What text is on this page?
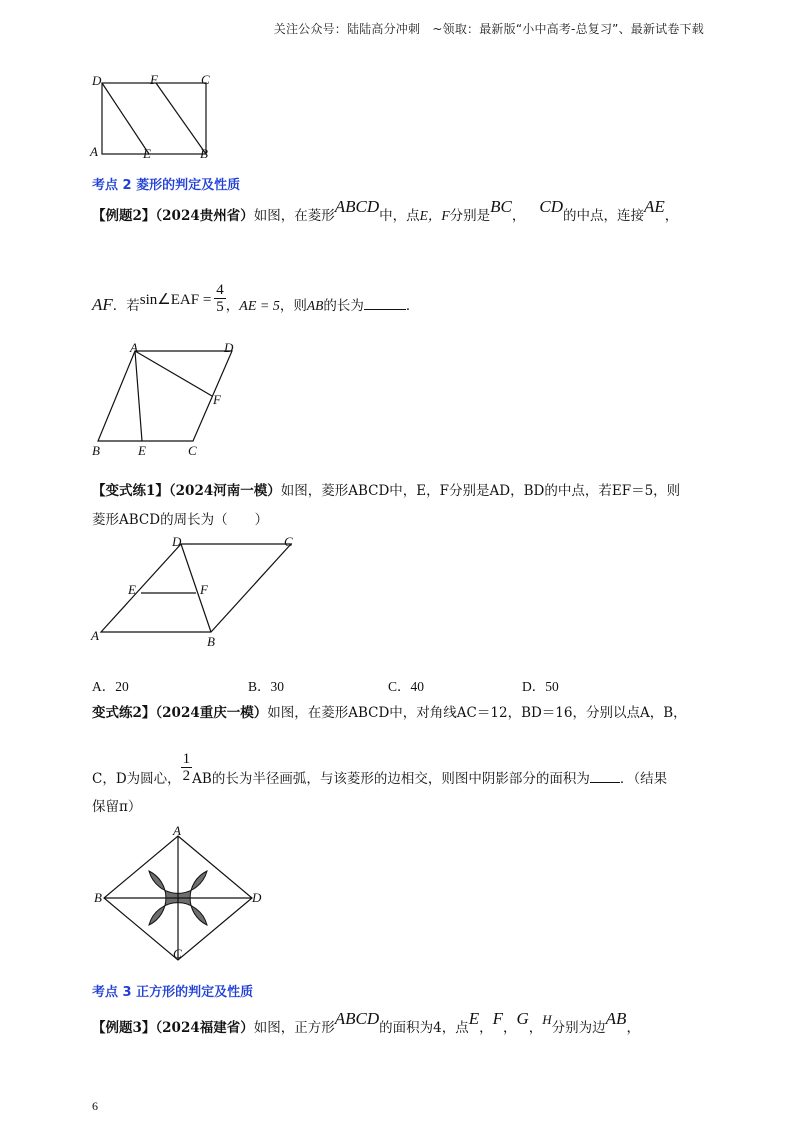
关注公众号：陆陆高分冲刺　~领取：最新版“小中高考-总复习”、最新试卷下载
D	F	C
A	E	B
考点 2 菱形的判定及性质
【例题2】（2024贵州省）如图，在菱形ABCD中，点E，F分别是BC， CD的中点，连接AE，
AF．若sin∠EAF = $\frac{4}{5}$ ，AE = 5，则AB的长为	．
A	D
F
B	E	C
【变式练1】（2024河南一模）如图，菱形ABCD中，E，F分别是AD，BD的中点，若EF＝5，则
菱形ABCD的周长为（　　）
D	C
E	F
A	B
A．20	B．30	C．40	D．50
变式练2】（2024重庆一模）如图，在菱形ABCD中，对角线AC＝12，BD＝16，分别以点A，B，
C，D为圆心， $\frac{1}{2}$ AB的长为半径画弧，与该菱形的边相交，则图中阴影部分的面积为 ．（结果
保留π）
A
B	D
C
考点 3 正方形的判定及性质
【例题3】（2024福建省）如图，正方形ABCD的面积为4，点E，F，G，H分别为边AB，
6
